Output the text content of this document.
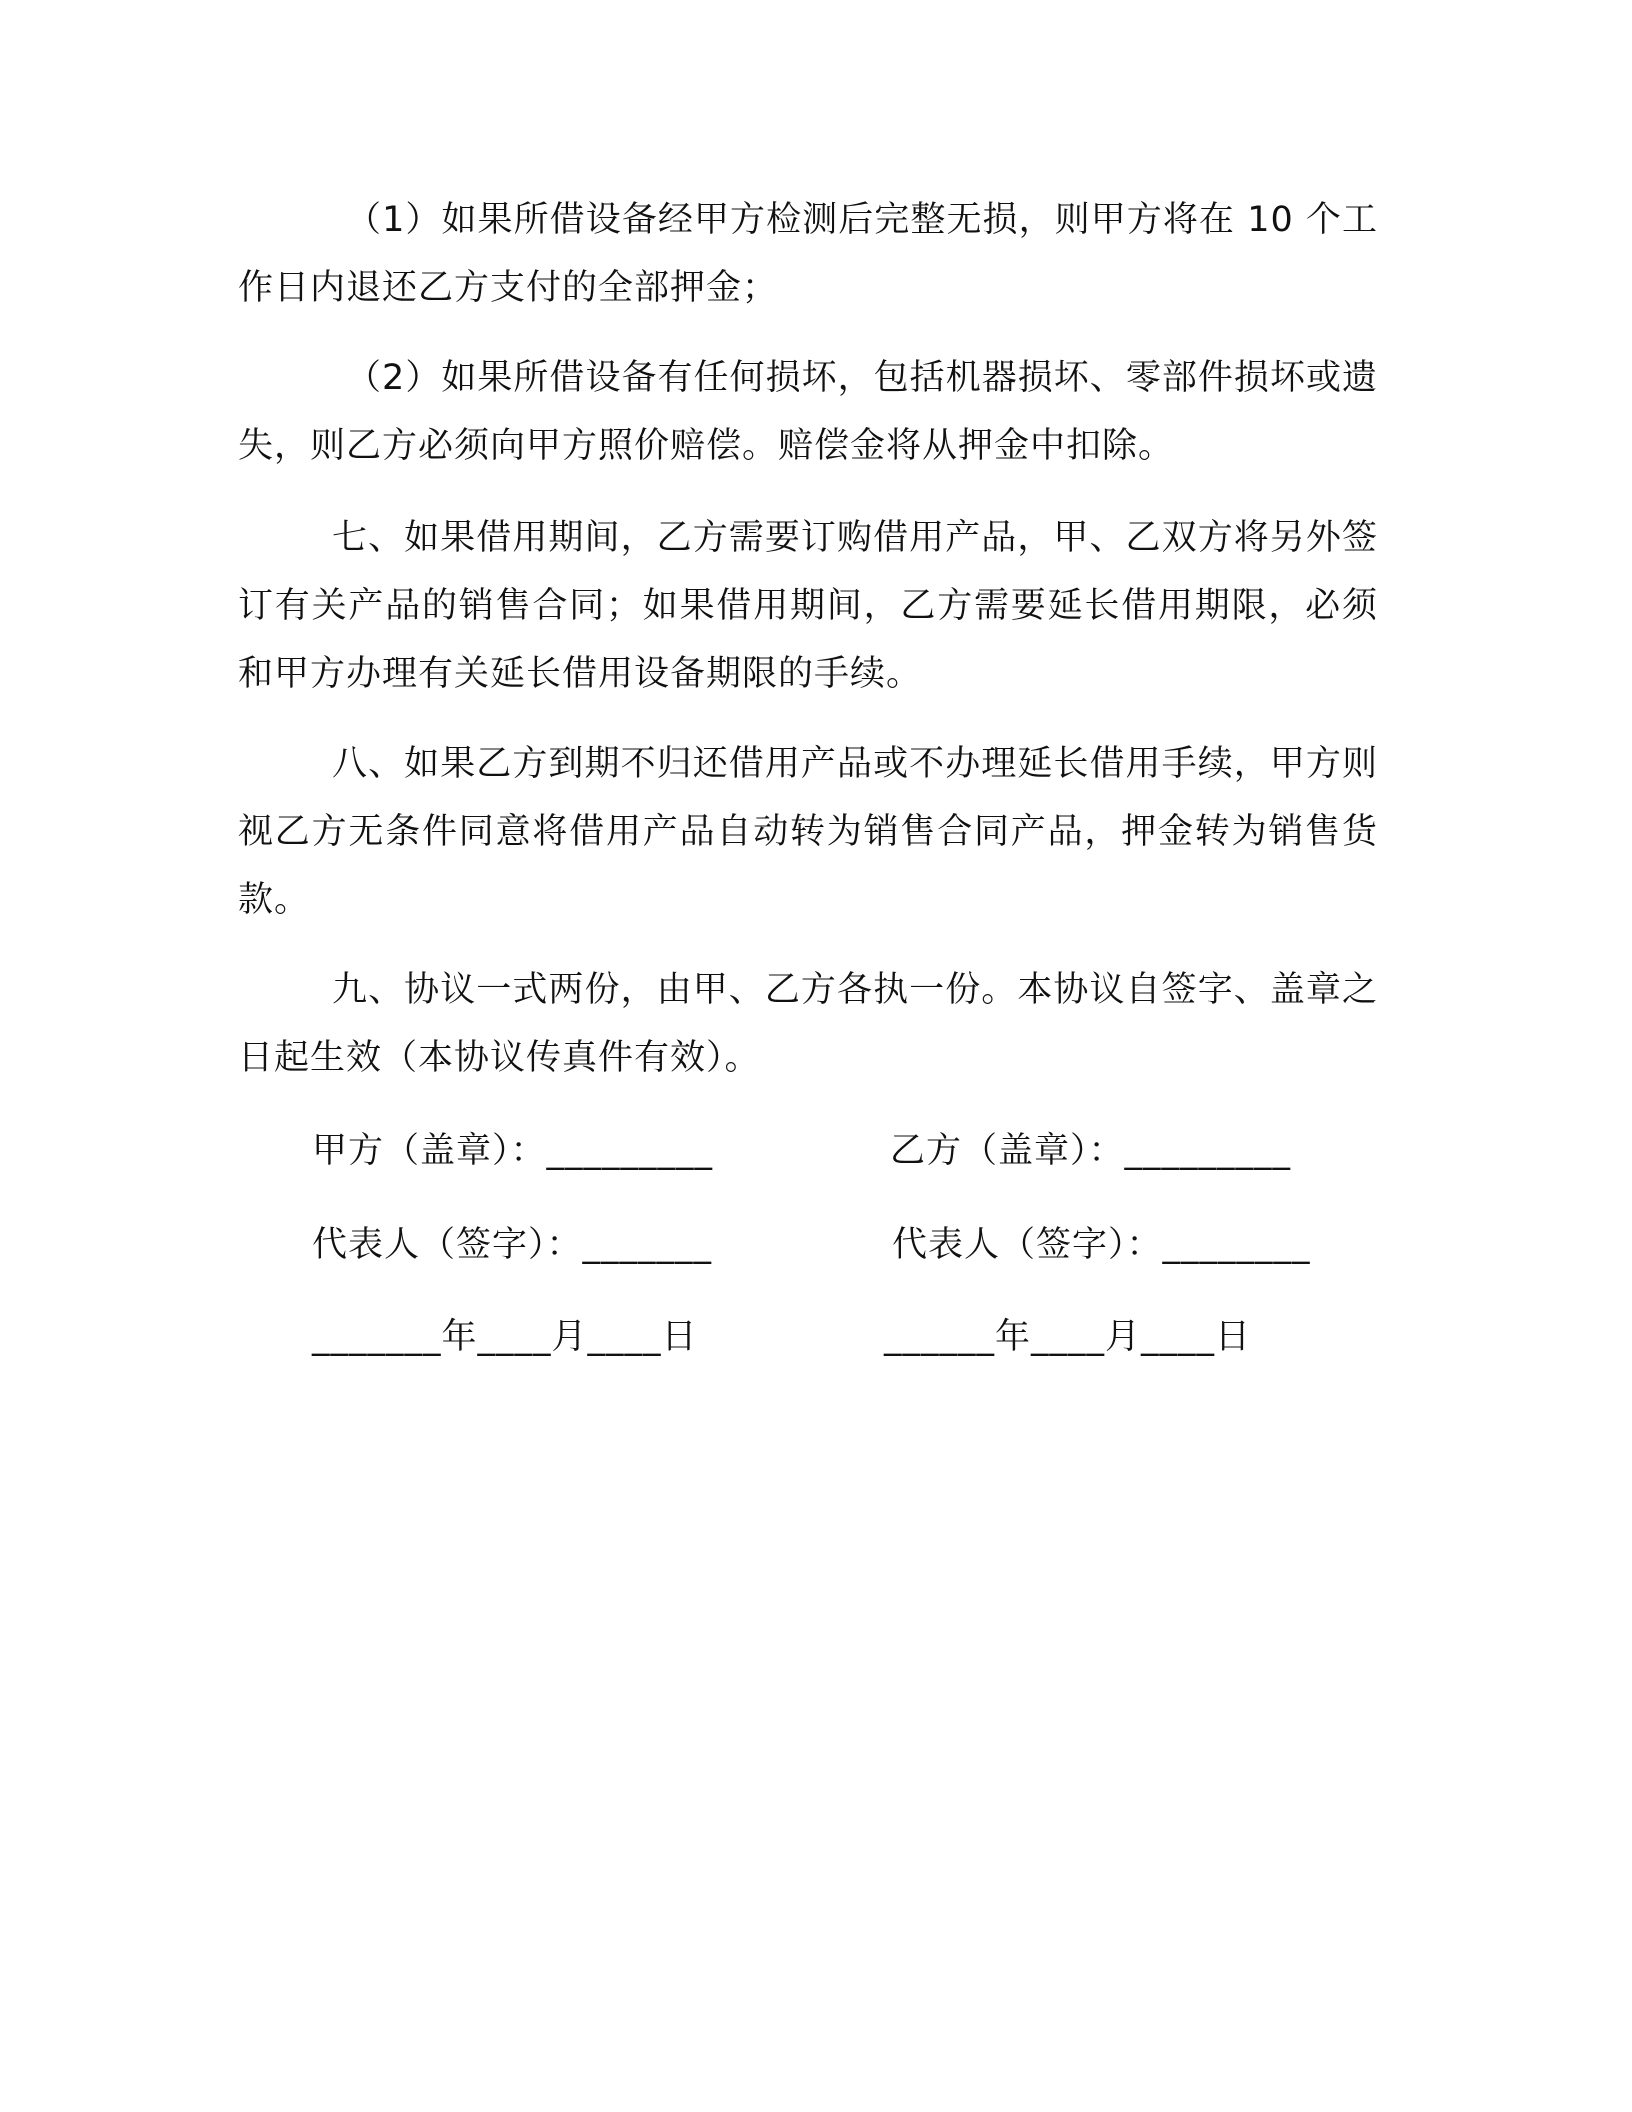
（1）如果所借设备经甲方检测后完整无损，则甲方将在 10 个工作日内退还乙方支付的全部押金；

（2）如果所借设备有任何损坏，包括机器损坏、零部件损坏或遗失，则乙方必须向甲方照价赔偿。赔偿金将从押金中扣除。

七、如果借用期间，乙方需要订购借用产品，甲、乙双方将另外签订有关产品的销售合同；如果借用期间，乙方需要延长借用期限，必须和甲方办理有关延长借用设备期限的手续。

八、如果乙方到期不归还借用产品或不办理延长借用手续，甲方则视乙方无条件同意将借用产品自动转为销售合同产品，押金转为销售货款。

九、协议一式两份，由甲、乙方各执一份。本协议自签字、盖章之日起生效（本协议传真件有效）。

甲方（盖章）：_________	乙方（盖章）：_________
代表人（签字）：_______	代表人（签字）：________
_______年____月____日	______年____月____日
